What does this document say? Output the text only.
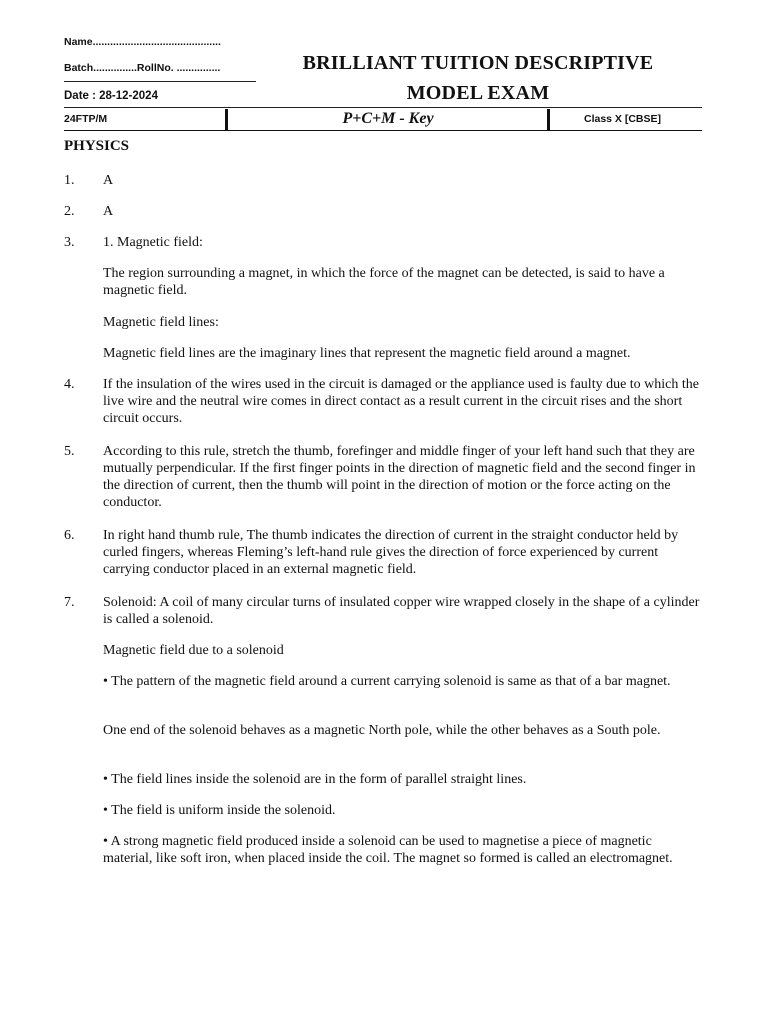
Name............................................
Batch...............RollNo. ...............	BRILLIANT TUITION DESCRIPTIVE
Date : 28-12-2024	MODEL EXAM
24FTP/M	P+C+M - Key	Class X [CBSE]
PHYSICS
1. A
2. A
3. 1. Magnetic field:
The region surrounding a magnet, in which the force of the magnet can be detected, is said to have a magnetic field.
Magnetic field lines:
Magnetic field lines are the imaginary lines that represent the magnetic field around a magnet.
4. If the insulation of the wires used in the circuit is damaged or the appliance used is faulty due to which the live wire and the neutral wire comes in direct contact as a result current in the circuit rises and the short circuit occurs.
5. According to this rule, stretch the thumb, forefinger and middle finger of your left hand such that they are mutually perpendicular. If the first finger points in the direction of magnetic field and the second finger in the direction of current, then the thumb will point in the direction of motion or the force acting on the conductor.
6. In right hand thumb rule, The thumb indicates the direction of current in the straight conductor held by curled fingers, whereas Fleming’s left-hand rule gives the direction of force experienced by current carrying conductor placed in an external magnetic field.
7. Solenoid: A coil of many circular turns of insulated copper wire wrapped closely in the shape of a cylinder is called a solenoid.
Magnetic field due to a solenoid
• The pattern of the magnetic field around a current carrying solenoid is same as that of a bar magnet.
One end of the solenoid behaves as a magnetic North pole, while the other behaves as a South pole.
• The field lines inside the solenoid are in the form of parallel straight lines.
• The field is uniform inside the solenoid.
• A strong magnetic field produced inside a solenoid can be used to magnetise a piece of magnetic material, like soft iron, when placed inside the coil. The magnet so formed is called an electromagnet.
